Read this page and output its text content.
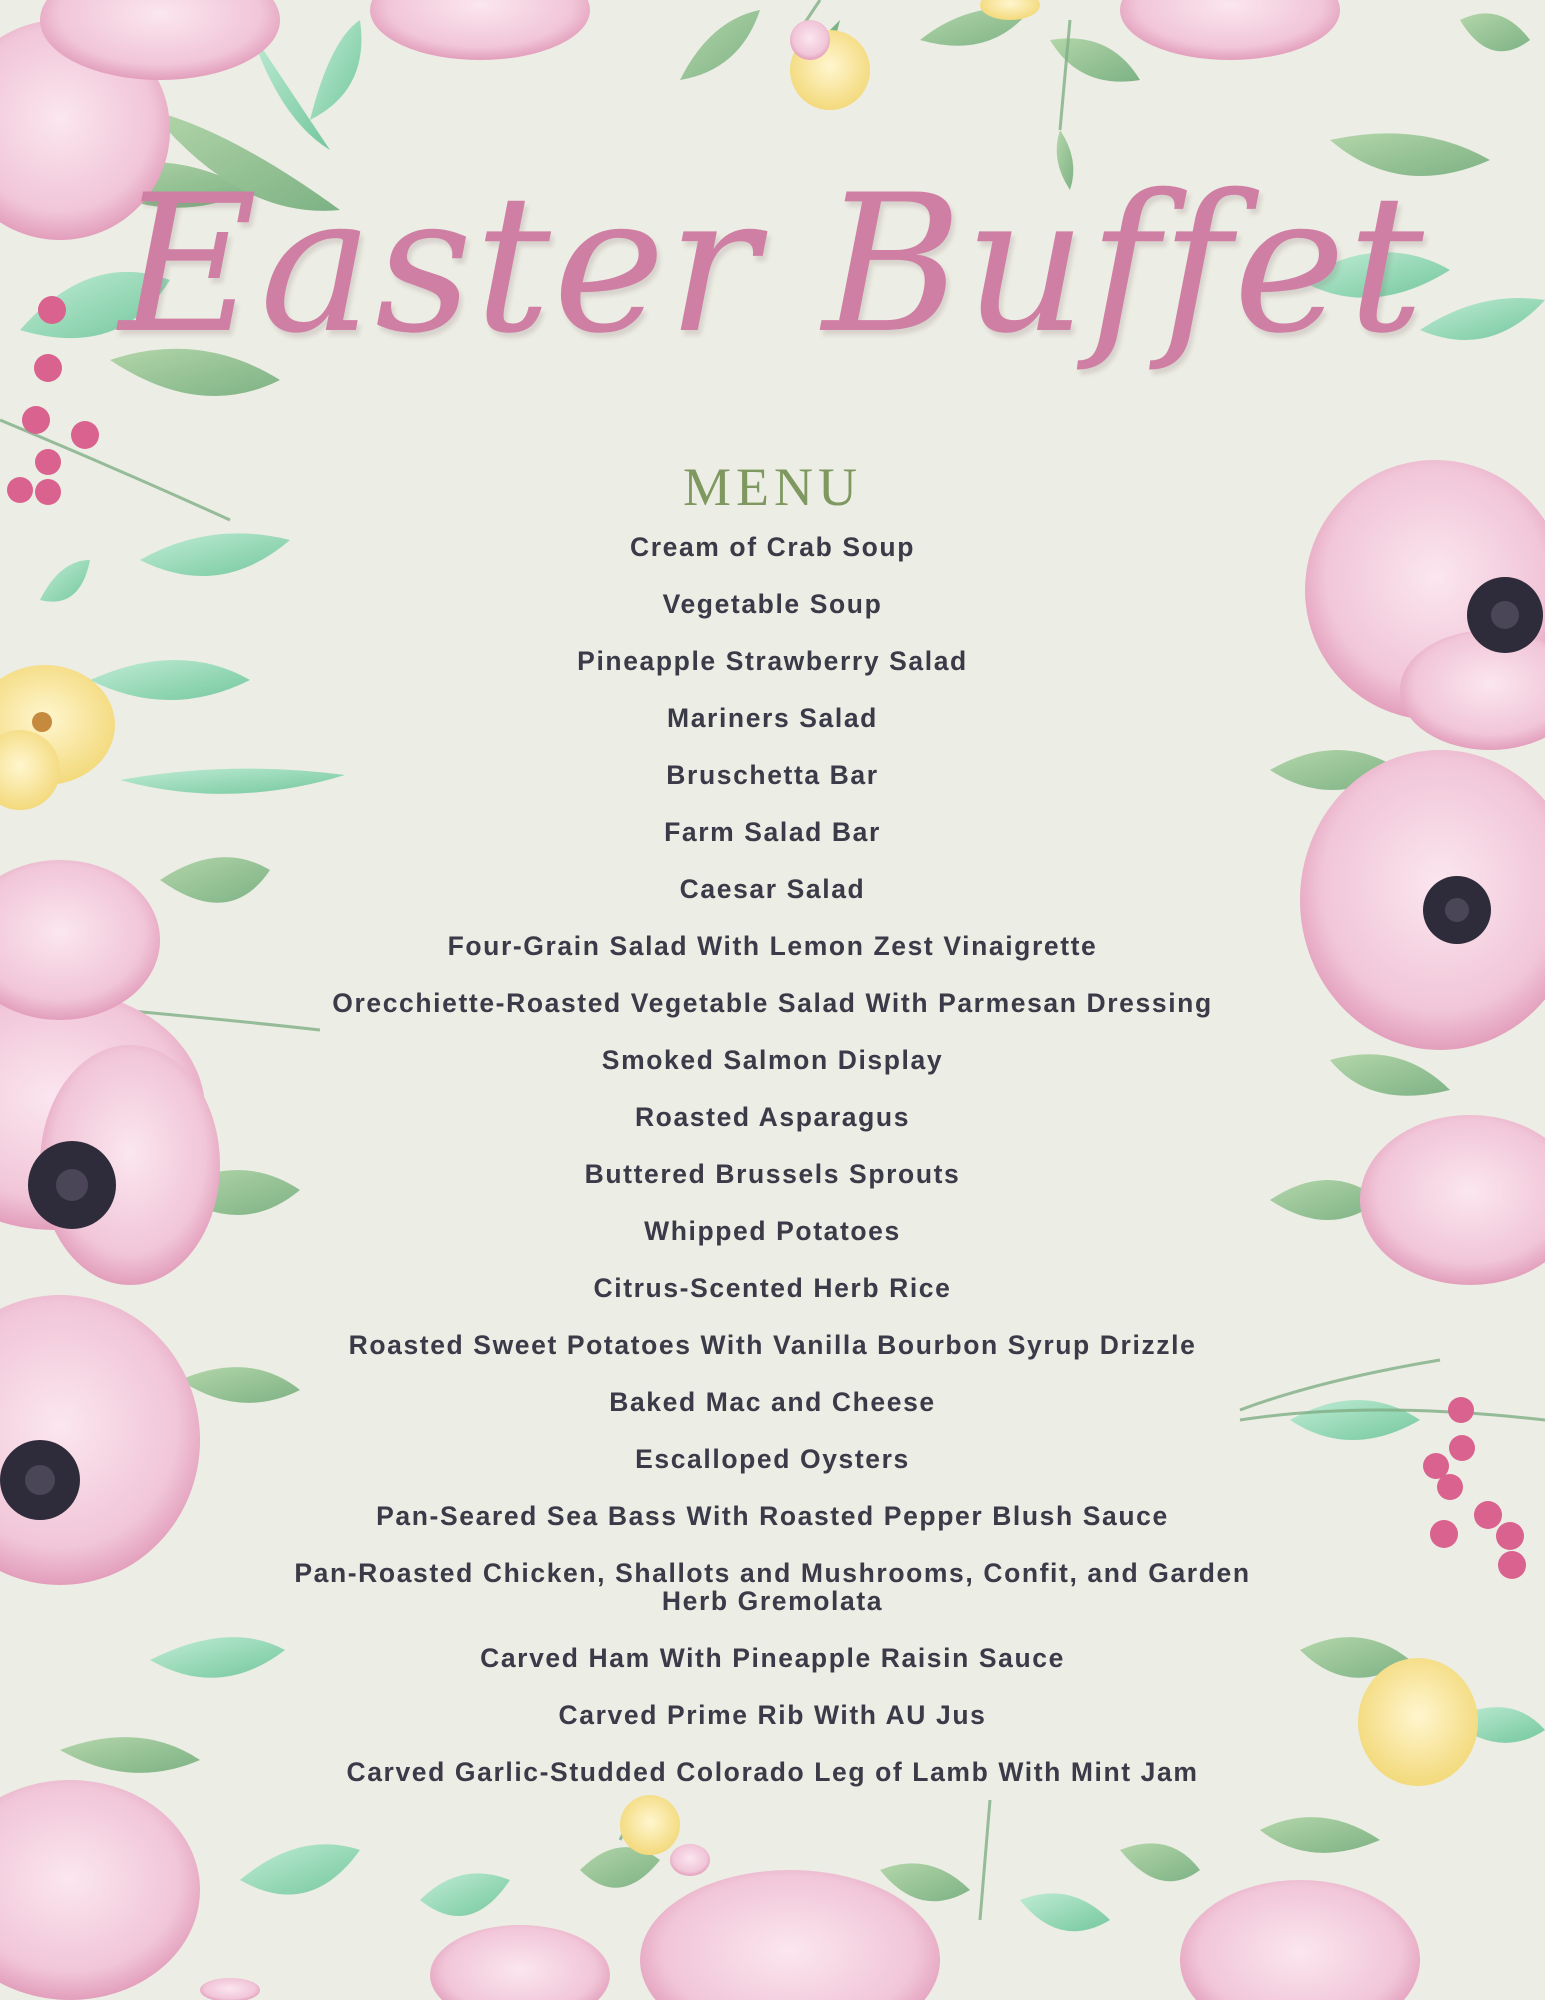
Easter Buffet
MENU
Cream of Crab Soup
Vegetable Soup
Pineapple Strawberry Salad
Mariners Salad
Bruschetta Bar
Farm Salad Bar
Caesar Salad
Four-Grain Salad With Lemon Zest Vinaigrette
Orecchiette-Roasted Vegetable Salad With Parmesan Dressing
Smoked Salmon Display
Roasted Asparagus
Buttered Brussels Sprouts
Whipped Potatoes
Citrus-Scented Herb Rice
Roasted Sweet Potatoes With Vanilla Bourbon Syrup Drizzle
Baked Mac and Cheese
Escalloped Oysters
Pan-Seared Sea Bass With Roasted Pepper Blush Sauce
Pan-Roasted Chicken, Shallots and Mushrooms, Confit, and Garden Herb Gremolata
Carved Ham With Pineapple Raisin Sauce
Carved Prime Rib With AU Jus
Carved Garlic-Studded Colorado Leg of Lamb With Mint Jam
